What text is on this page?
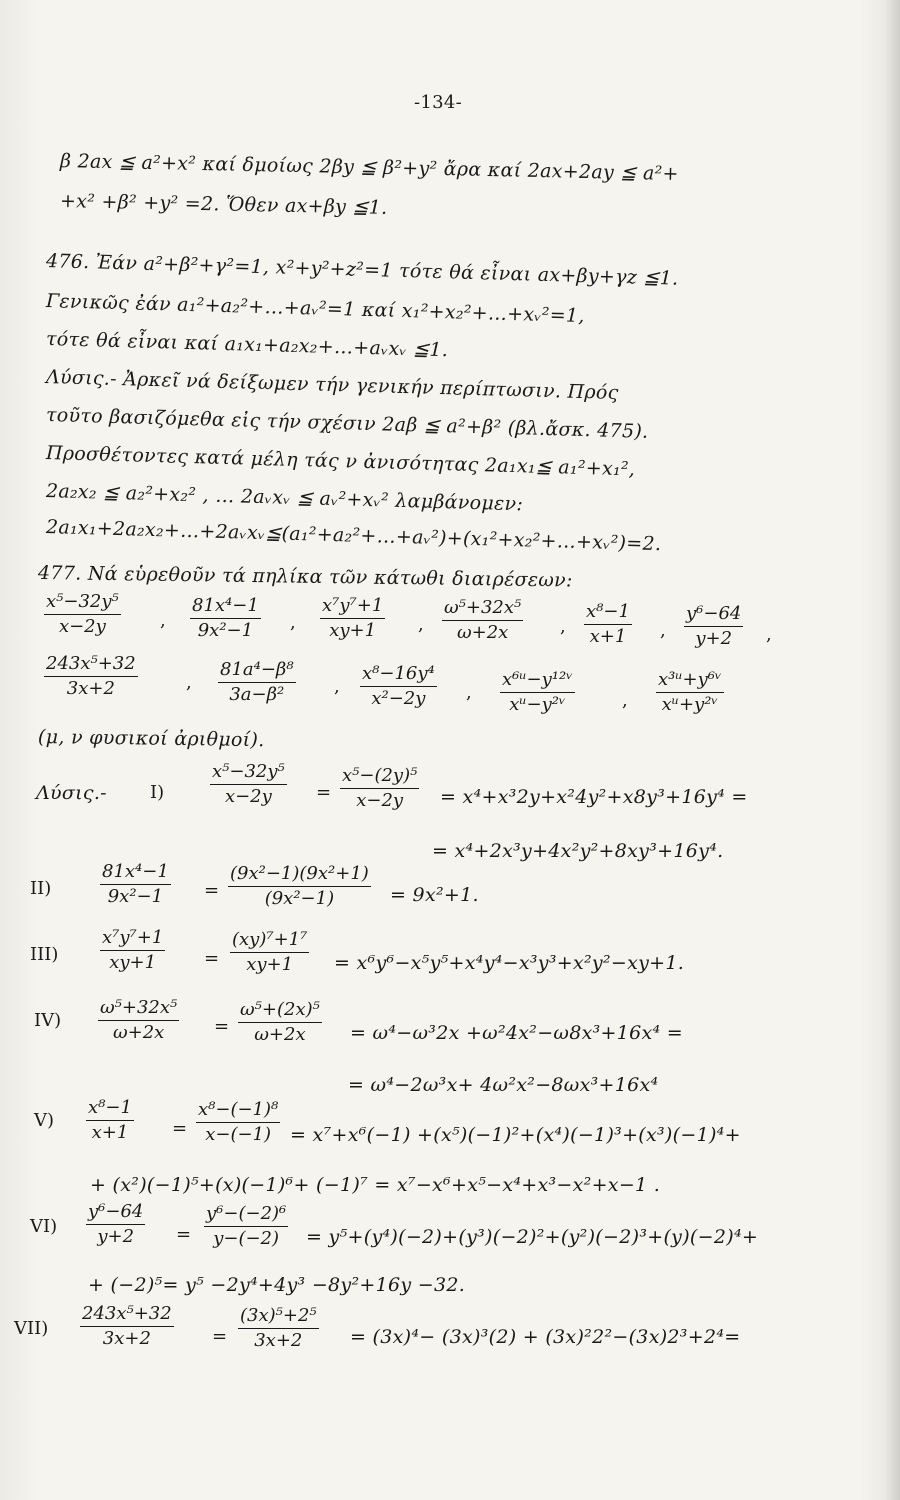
-134-
β 2ax ≦ a²+x² καί δμοίως 2βy ≦ β²+y² ἄρα καί 2ax+2ay ≦ a²+
+x² +β² +y² =2. Ὅθεν ax+βy ≦1.
476. Ἐάν a²+β²+γ²=1, x²+y²+z²=1 τότε θά εἶναι ax+βy+γz ≦1.
Γενικῶς ἐάν a₁²+a₂²+…+aᵥ²=1 καί x₁²+x₂²+…+xᵥ²=1,
τότε θά εἶναι καί a₁x₁+a₂x₂+…+aᵥxᵥ ≦1.
Λύσις.- Ἀρκεῖ νά δείξωμεν τήν γενικήν περίπτωσιν. Πρός
τοῦτο βασιζόμεθα εἰς τήν σχέσιν 2aβ ≦ a²+β² (βλ.ἄσκ. 475).
Προσθέτοντες κατά μέλη τάς ν ἀνισότητας 2a₁x₁≦ a₁²+x₁²,
2a₂x₂ ≦ a₂²+x₂² , … 2aᵥxᵥ ≦ aᵥ²+xᵥ² λαμβάνομεν:
2a₁x₁+2a₂x₂+…+2aᵥxᵥ≦(a₁²+a₂²+…+aᵥ²)+(x₁²+x₂²+…+xᵥ²)=2.
477. Νά εὑρεθοῦν τά πηλίκα τῶν κάτωθι διαιρέσεων:
$\frac{\text{x⁵−32y⁵}}{x-2y}$ , $\frac{\text{81x⁴−1}}{\text{9x²−1}}$ , $\frac{\text{x⁷y⁷+1}}{xy+1}$ , $\frac{\text{ω⁵+32x⁵}}{\omega+2x}$ , $\frac{\text{x⁸−1}}{x+1}$ , $\frac{\text{y⁶−64}}{y+2}$ ,
$\frac{\text{243x⁵+32}}{3x+2}$	, $\frac{\text{81a⁴−β⁸}}{\text{3a−β²}}$ , $\frac{\text{x⁸−16y⁴}}{\text{x²−2y}}$ , $\frac{\text{x⁶ᵘ−y¹²ᵛ}}{\text{xᵘ−y²ᵛ}}$	, $\frac{\text{x³ᵘ+y⁶ᵛ}}{\text{xᵘ+y²ᵛ}}$
(μ, ν φυσικοί ἀριθμοί).
Λύσις.- I)	$\frac{\text{x⁵−32y⁵}}{x-2y} = \frac{\text{x⁵−(2y)⁵}}{x-2y} = x^4+x^32y+x^24y^2+x8y^3+16y^4$ =
= x⁴+2x³y+4x²y²+8xy³+16y⁴.
II)	$\frac{\text{81x⁴−1}}{\text{9x²−1}} = \frac{\text{(9x²−1)(9x²+1)}}{\text{(9x²−1)}} = 9x^2+1$.
$III) \frac{\text{x⁷y⁷+1}}{xy+1} = \frac{\text{(xy)⁷+1⁷}}{xy+1} = x^6y^6-x^5y^5+x^4y^4-x^3y^3+x^2y^2-xy+1$.
$IV) \frac{\text{ω⁵+32x⁵}}{\omega+2x} = \frac{\text{ω⁵+(2x)⁵}}{\omega+2x} = \omega^4-\omega^32x +\omega^24x^2-\omega 8x^3+16x^4$ =
= ω⁴−2ω³x+ 4ω²x²−8ωx³+16x⁴
$V) \frac{\text{x⁸−1}}{x+1} = \frac{\text{x⁸−(−1)⁸}}{x-(-1)} = x^7+x^6(-1) +(x^5)(-1)^2+(x^4)(-1)^3+(x^3)(-1)^4+$
+ (x²)(−1)⁵+(x)(−1)⁶+ (−1)⁷ = x⁷−x⁶+x⁵−x⁴+x³−x²+x−1 .
$VI) \frac{\text{y⁶−64}}{y+2} = \frac{\text{y⁶−(−2)⁶}}{y-(-2)} = y^5+(y^4)(-2)+(y^3)(-2)^2+(y^2)(-2)^3+(y)(-2)^4+$
+ (−2)⁵= y⁵ −2y⁴+4y³ −8y²+16y −32.
$VII) \frac{\text{243x⁵+32}}{3x+2} = \frac{\text{(3x)⁵+2⁵}}{3x+2} = (3x)^4- (3x)^3(2) + (3x)^22^2-(3x)2^3+2^4=$
